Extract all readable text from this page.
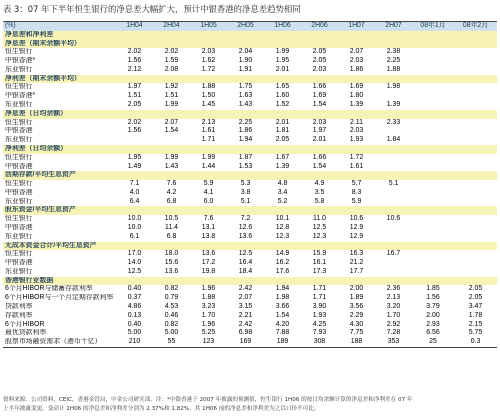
表 3：07 年下半年恒生银行的净息差大幅扩大，预计中银香港的净息差趋势相同
(%)	1H04	2H04	1H05	2H05	1H06	2H06	1H07	2H07	08年1月	08年2月
净息差和净利差										
净息差（期末余额平均）										
恒生银行	2.02	2.02	2.03	2.04	1.99	2.05	2.07	2.38		
中银香港*	1.56	1.59	1.62	1.90	1.95	2.05	2.03	2.25		
东亚银行	2.12	2.08	1.72	1.91	2.01	2.03	1.86	1.88		
净利差（期末余额平均）										
恒生银行	1.97	1.92	1.88	1.75	1.65	1.66	1.69	1.98		
中银香港*	1.51	1.51	1.50	1.63	1.60	1.69	1.80			
东亚银行	2.05	1.99	1.45	1.43	1.52	1.54	1.39	1.39		
净息差（日均余额）										
恒生银行	2.02	2.07	2.13	2.25	2.01	2.03	2.11	2.33		
中银香港	1.56	1.54	1.61	1.86	1.81	1.97	2.03			
东亚银行			1.71	1.94	2.05	2.01	1.93	1.84		
净利差（日均余额）										
恒生银行	1.95	1.99	1.99	1.87	1.67	1.66	1.72			
中银香港	1.49	1.43	1.44	1.53	1.39	1.54	1.61			
活期存款/平均生息资产										
恒生银行	7.1	7.6	5.9	5.3	4.8	4.9	5.7	5.1		
中银香港	4.0	4.2	4.1	3.8	3.4	3.5	8.3			
东亚银行	6.4	6.8	6.0	5.1	5.2	5.8	5.9			
股东资金/平均生息资产										
恒生银行	10.0	10.5	7.6	7.2	10.1	11.0	10.6	10.6		
中银香港	10.0	11.4	13.1	12.6	12.8	12.5	12.9			
东亚银行	6.1	6.8	13.8	13.6	12.3	12.3	12.9			
无成本资金合计/平均生息资产										
恒生银行	17.0	18.0	13.6	12.5	14.9	15.9	16.3	16.7		
中银香港	14.0	15.6	17.2	16.4	16.2	16.1	21.2			
东亚银行	12.5	13.6	19.8	18.4	17.6	17.3	17.7			
香港银行业数据										
6个月HIBOR与储蓄存款利率	0.40	0.82	1.96	2.42	1.94	1.71	2.00	2.36	1.85	2.05
6个月HIBOR与一个月定期存款利率	0.37	0.79	1.88	2.07	1.98	1.71	1.89	2.13	1.56	2.05
贷款利率	4.86	4.53	3.23	3.15	3.66	3.90	3.56	3.20	3.79	3.47
存款利率	0.13	0.46	1.70	2.21	1.54	1.93	2.29	1.70	2.00	1.78
6个月HIBOR	0.40	0.82	1.96	2.42	4.20	4.25	4.30	2.92	2.93	2.15
最优贷款利率	5.00	5.00	5.25	6.98	7.88	7.93	7.75	7.28	6.56	5.75
股票市场融资需求（港币十亿）	210	55	123	169	189	308	188	353	25	0.3
资料来源：公司资料，CEIC，香港金管局，中金公司研究部。注：*中银香港于 2007 年披露的预测值，恒生银行 1H06 的按日均余额计算的净息差和净利差在 07 年
上半年披露变更。变动计 1H06 的净息差和净利差分别为 2.37%和 1.82%。其 1H06 前的净息差和净利差为之以口径不可比。
